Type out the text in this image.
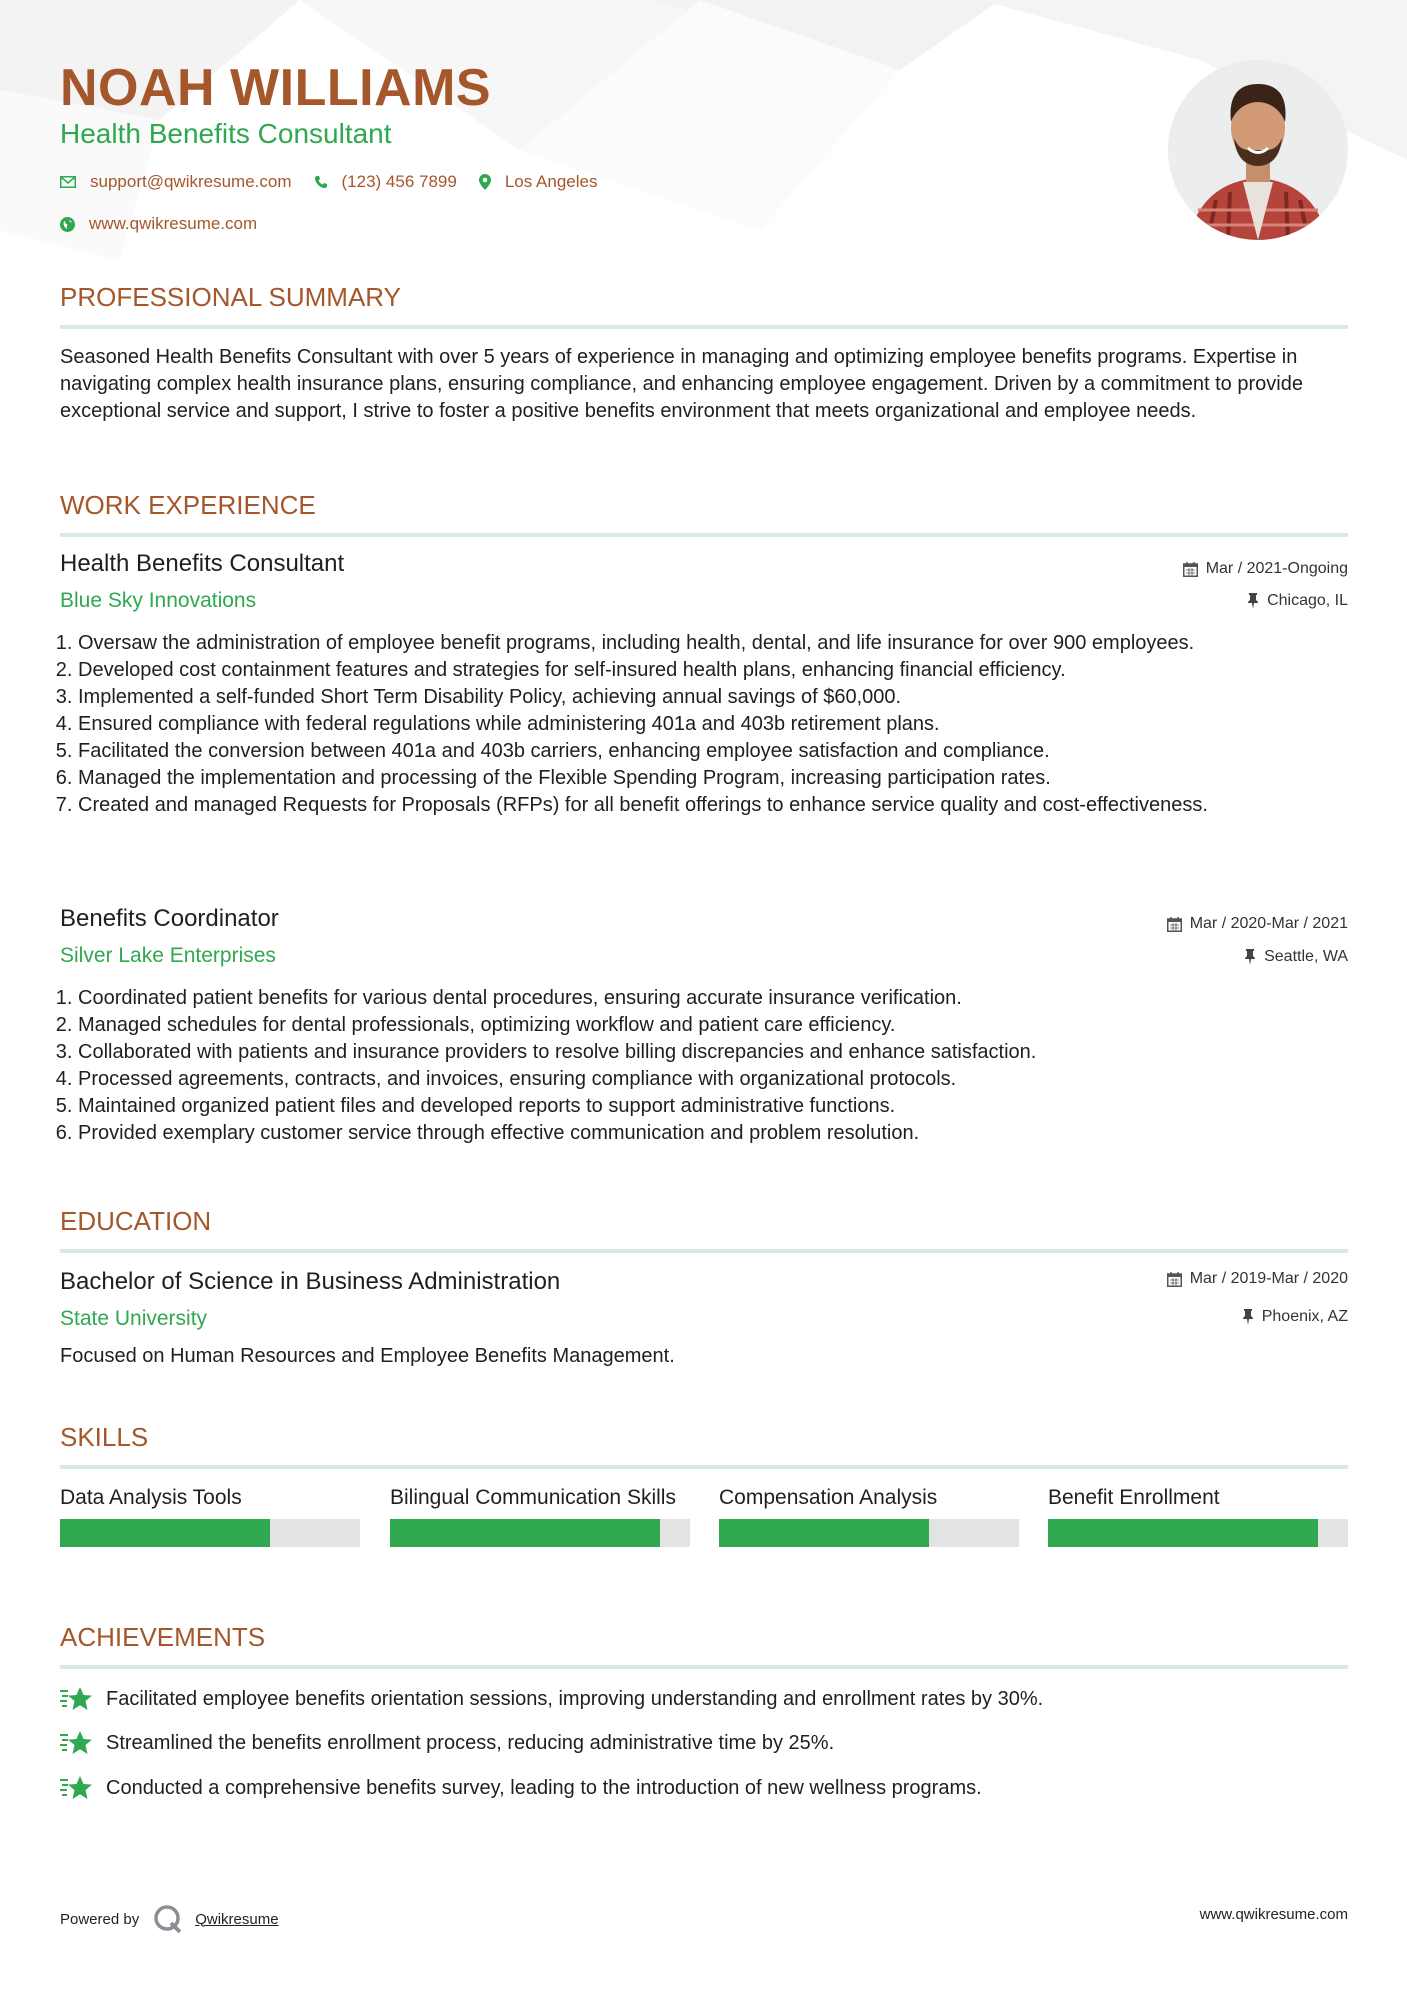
NOAH WILLIAMS
Health Benefits Consultant
support@qwikresume.com	(123) 456 7899	Los Angeles
www.qwikresume.com
PROFESSIONAL SUMMARY

Seasoned Health Benefits Consultant with over 5 years of experience in managing and optimizing employee benefits programs. Expertise in navigating complex health insurance plans, ensuring compliance, and enhancing employee engagement. Driven by a commitment to provide exceptional service and support, I strive to foster a positive benefits environment that meets organizational and employee needs.

WORK EXPERIENCE
Health Benefits Consultant
Blue Sky Innovations
Mar / 2021-Ongoing
Chicago, IL
1. Oversaw the administration of employee benefit programs, including health, dental, and life insurance for over 900 employees.
2. Developed cost containment features and strategies for self-insured health plans, enhancing financial efficiency.
3. Implemented a self-funded Short Term Disability Policy, achieving annual savings of $60,000.
4. Ensured compliance with federal regulations while administering 401a and 403b retirement plans.
5. Facilitated the conversion between 401a and 403b carriers, enhancing employee satisfaction and compliance.
6. Managed the implementation and processing of the Flexible Spending Program, increasing participation rates.
7. Created and managed Requests for Proposals (RFPs) for all benefit offerings to enhance service quality and cost-effectiveness.
Benefits Coordinator
Silver Lake Enterprises
Mar / 2020-Mar / 2021
Seattle, WA
1. Coordinated patient benefits for various dental procedures, ensuring accurate insurance verification.
2. Managed schedules for dental professionals, optimizing workflow and patient care efficiency.
3. Collaborated with patients and insurance providers to resolve billing discrepancies and enhance satisfaction.
4. Processed agreements, contracts, and invoices, ensuring compliance with organizational protocols.
5. Maintained organized patient files and developed reports to support administrative functions.
6. Provided exemplary customer service through effective communication and problem resolution.
EDUCATION
Bachelor of Science in Business Administration
State University
Mar / 2019-Mar / 2020
Phoenix, AZ

Focused on Human Resources and Employee Benefits Management.

SKILLS
Data Analysis Tools	Bilingual Communication Skills	Compensation Analysis	Benefit Enrollment
ACHIEVEMENTS
Facilitated employee benefits orientation sessions, improving understanding and enrollment rates by 30%.
Streamlined the benefits enrollment process, reducing administrative time by 25%.
Conducted a comprehensive benefits survey, leading to the introduction of new wellness programs.
Powered by	Qwikresume	www.qwikresume.com
